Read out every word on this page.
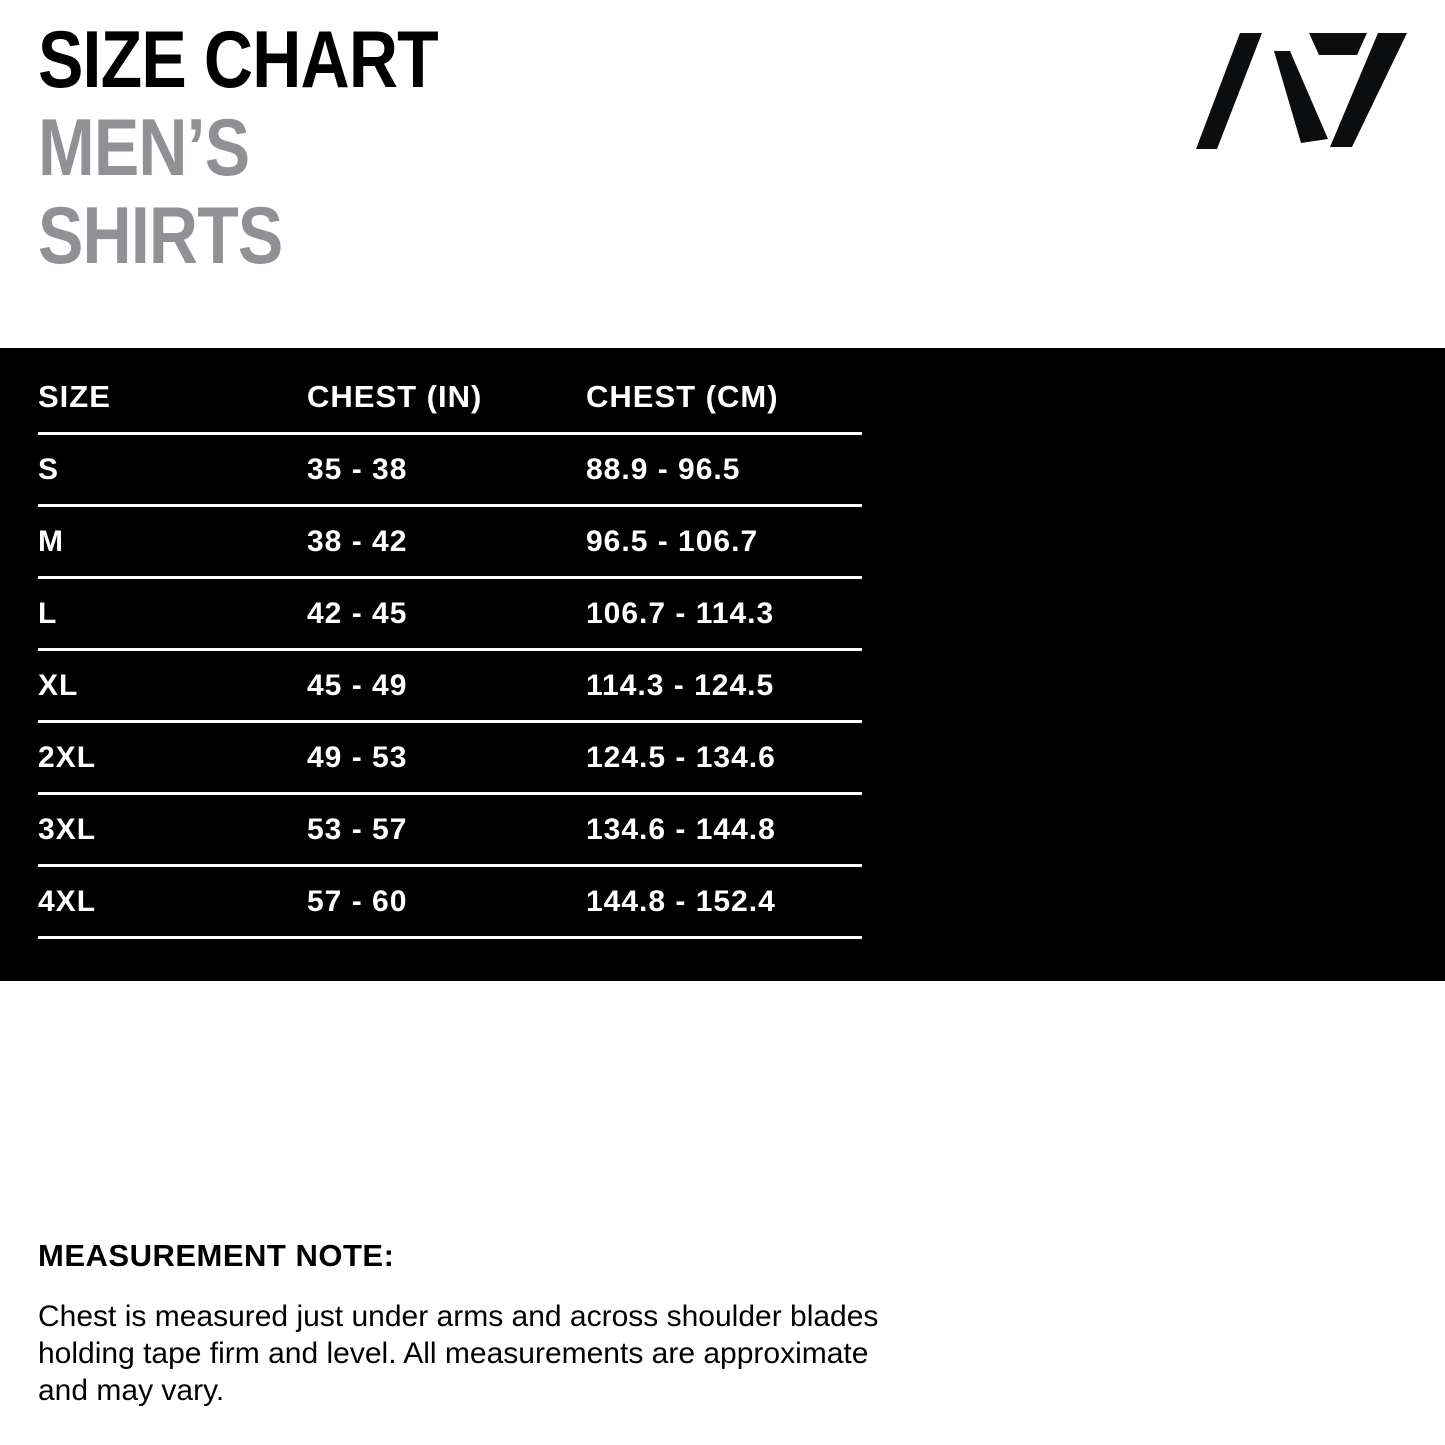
SIZE CHART
MEN’S
SHIRTS
SIZE	CHEST (IN)	CHEST (CM)
S	35 - 38	88.9 - 96.5
M	38 - 42	96.5 - 106.7
L	42 - 45	106.7 - 114.3
XL	45 - 49	114.3 - 124.5
2XL	49 - 53	124.5 - 134.6
3XL	53 - 57	134.6 - 144.8
4XL	57 - 60	144.8 - 152.4
MEASUREMENT NOTE:
Chest is measured just under arms and across shoulder blades
holding tape firm and level. All measurements are approximate
and may vary.
